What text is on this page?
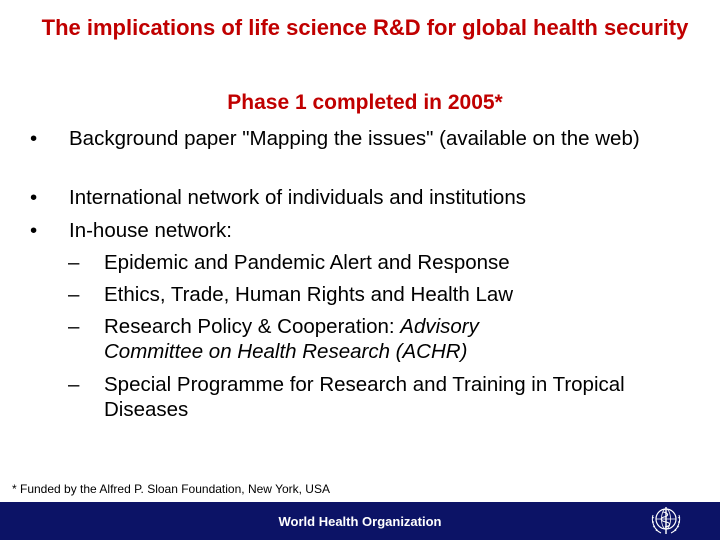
The implications of life science R&D for global health security
Phase 1 completed in 2005*
• Background paper "Mapping the issues" (available on the web)
• International network of individuals and institutions
• In-house network:
– Epidemic and Pandemic Alert and Response
– Ethics, Trade, Human Rights and Health Law
– Research Policy & Cooperation: Advisory Committee on Health Research (ACHR)
– Special Programme for Research and Training in Tropical Diseases
* Funded by the Alfred P. Sloan Foundation, New York, USA
World Health Organization
